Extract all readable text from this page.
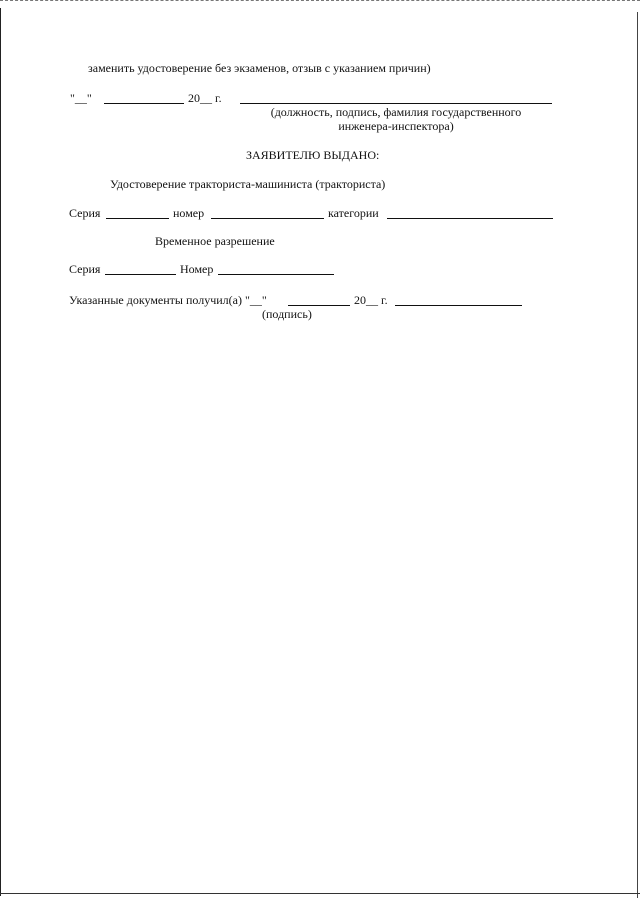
заменить удостоверение без экзаменов, отзыв с указанием причин)
"__"	20__ г.
(должность, подпись, фамилия государственного
инженера-инспектора)
ЗАЯВИТЕЛЮ ВЫДАНО:
Удостоверение тракториста-машиниста (тракториста)
Серия	номер	категории
Временное разрешение
Серия	Номер
Указанные документы получил(а) "__"	20__ г.
(подпись)
